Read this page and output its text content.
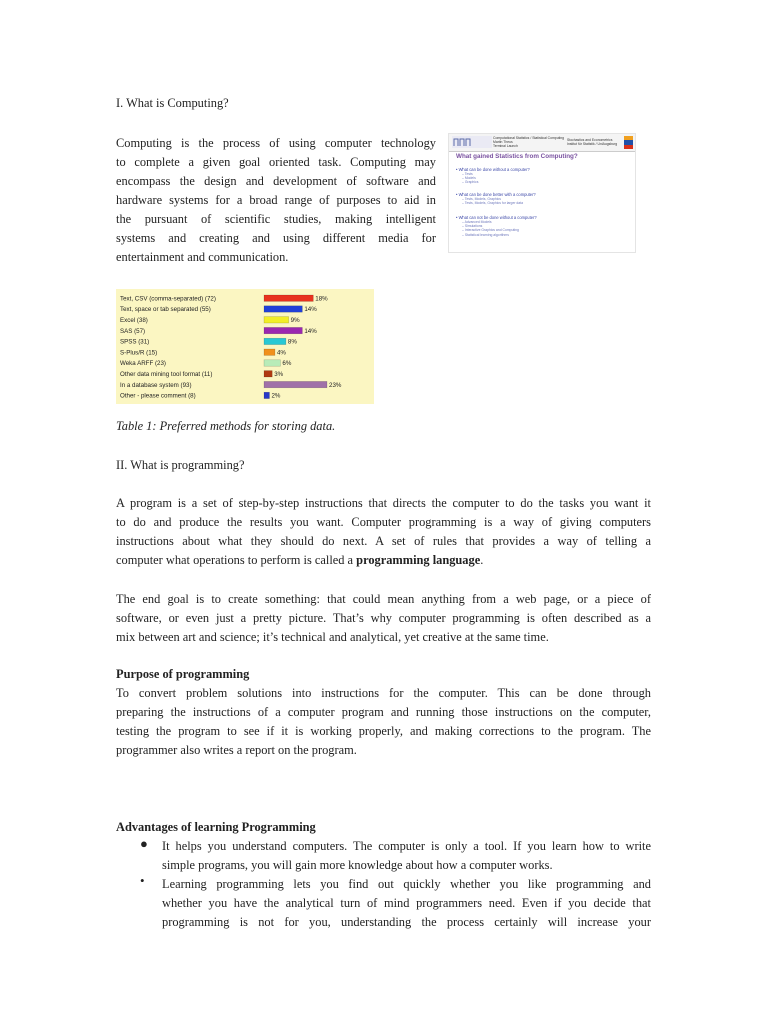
I. What is Computing?

Computing is the process of using computer technology

to complete a given goal oriented task. Computing may

encompass the design and development of software and

hardware systems for a broad range of purposes to aid in

the pursuant of scientific studies, making intelligent

systems and creating and using different media for

entertainment and communication.

Computational Statistics / Statistical Computing
Martin Theus
Terminal Launch
Stochastics and Econometrics
Institut für Statistik / UniAugsburg
What gained Statistics from Computing?
• What can be done without a computer?
– Tests
– Models
– Graphics
• What can be done better with a computer?
– Tests, Models, Graphics
– Tests, Models, Graphics for larger data
• What can not be done without a computer?
– Advanced Models
– Simulations
– Interactive Graphics and Computing
– Statistical learning algorithms
Text, CSV (comma-separated) (72)	18%
Text, space or tab separated (55)	14%
Excel (38)	9%
SAS (57)	14%
SPSS (31)	8%
S-Plus/R (15)	4%
Weka ARFF (23)	6%
Other data mining tool format (11)	3%
In a database system (93)	23%
Other - please comment (8)	2%

Table 1: Preferred methods for storing data.

II. What is programming?

A program is a set of step-by-step instructions that directs the computer to do the tasks you want it

to do and produce the results you want. Computer programming is a way of giving computers

instructions about what they should do next. A set of rules that provides a way of telling a

computer what operations to perform is called a programming language.

The end goal is to create something: that could mean anything from a web page, or a piece of

software, or even just a pretty picture. That’s why computer programming is often described as a

mix between art and science; it’s technical and analytical, yet creative at the same time.

Purpose of programming

To convert problem solutions into instructions for the computer. This can be done through

preparing the instructions of a computer program and running those instructions on the computer,

testing the program to see if it is working properly, and making corrections to the program. The

programmer also writes a report on the program.

Advantages of learning Programming

● It helps you understand computers. The computer is only a tool. If you learn how to write

simple programs, you will gain more knowledge about how a computer works.

• Learning programming lets you find out quickly whether you like programming and

whether you have the analytical turn of mind programmers need. Even if you decide that

programming is not for you, understanding the process certainly will increase your
